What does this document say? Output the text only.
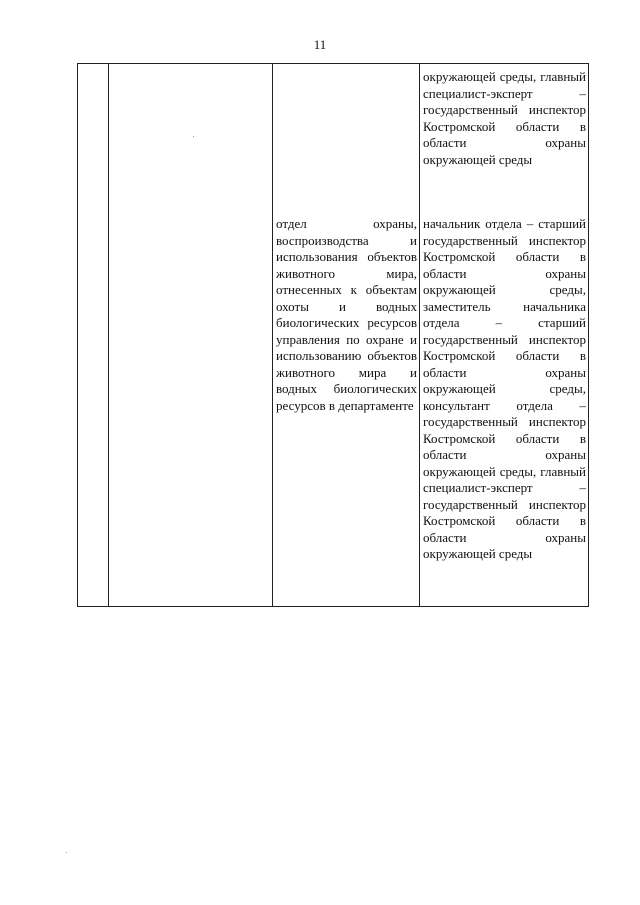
11
окружающей среды, главный специалист-эксперт – государственный инспектор Костромской области в области охраны окружающей среды
отдел охраны, воспроизводства и использования объектов животного мира, отнесенных к объектам охоты и водных биологических ресурсов управления по охране и использованию объектов животного мира и водных биологических ресурсов в департаменте
начальник отдела – старший государственный инспектор Костромской области в области охраны окружающей среды, заместитель начальника отдела – старший государственный инспектор Костромской области в области охраны окружающей среды, консультант отдела – государственный инспектор Костромской области в области охраны окружающей среды, главный специалист-эксперт – государственный инспектор Костромской области в области охраны окружающей среды
